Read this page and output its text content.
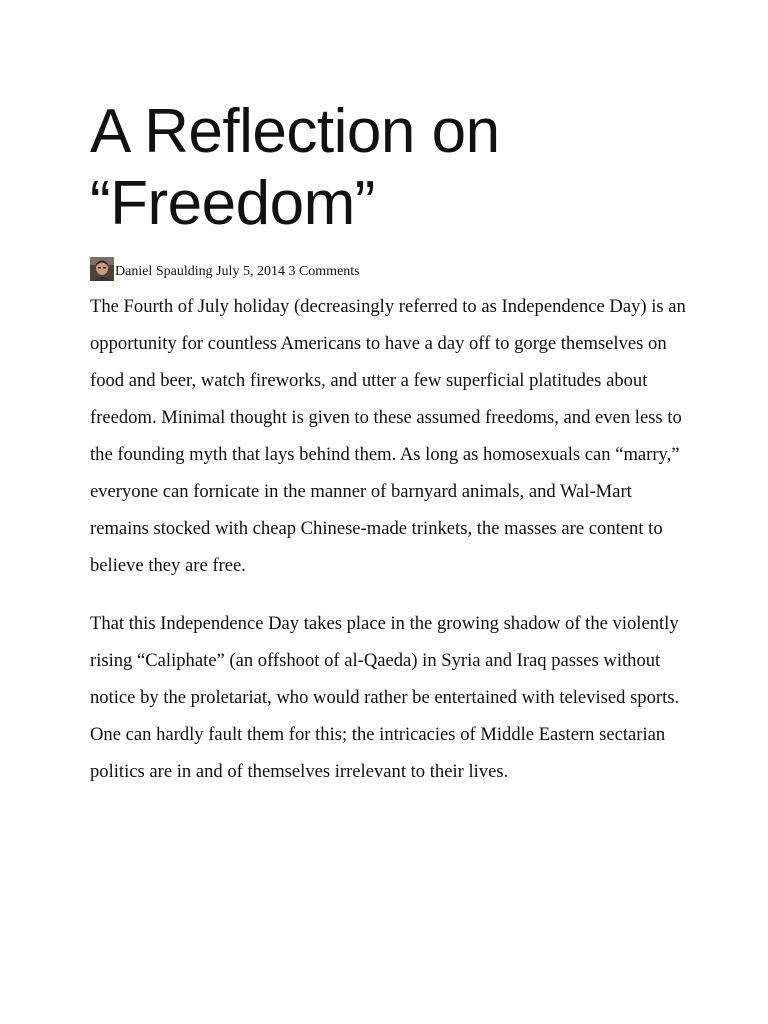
A Reflection on
“Freedom”
Daniel Spaulding July 5, 2014 3 Comments

The Fourth of July holiday (decreasingly referred to as Independence Day) is an opportunity for countless Americans to have a day off to gorge themselves on food and beer, watch fireworks, and utter a few superficial platitudes about freedom. Minimal thought is given to these assumed freedoms, and even less to the founding myth that lays behind them. As long as homosexuals can “marry,” everyone can fornicate in the manner of barnyard animals, and Wal-Mart remains stocked with cheap Chinese-made trinkets, the masses are content to believe they are free.

That this Independence Day takes place in the growing shadow of the violently rising “Caliphate” (an offshoot of al-Qaeda) in Syria and Iraq passes without notice by the proletariat, who would rather be entertained with televised sports. One can hardly fault them for this; the intricacies of Middle Eastern sectarian politics are in and of themselves irrelevant to their lives.
